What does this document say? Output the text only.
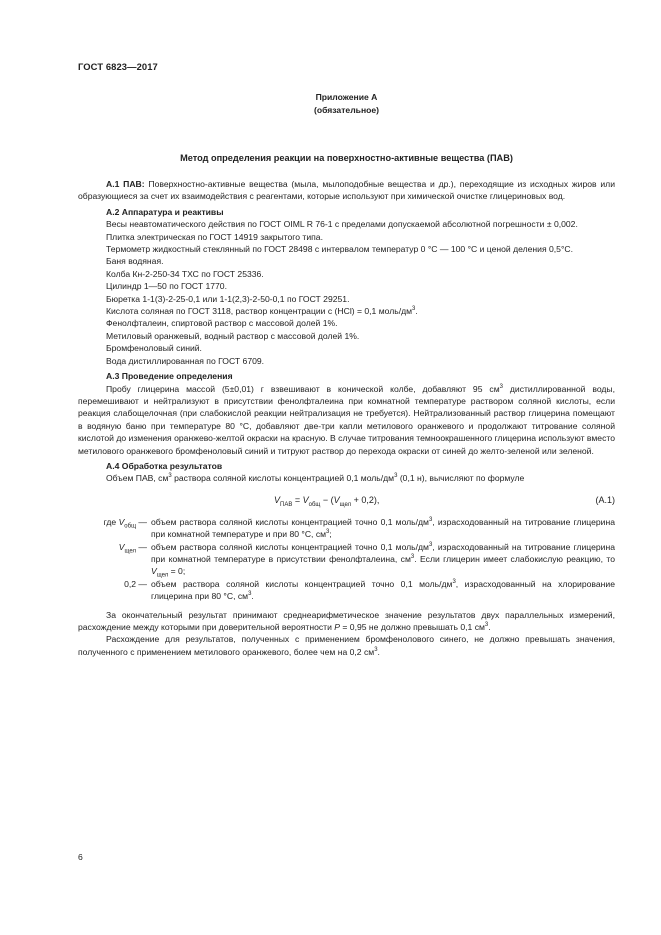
ГОСТ 6823—2017
Приложение А
(обязательное)
Метод определения реакции на поверхностно-активные вещества (ПАВ)

А.1 ПАВ: Поверхностно-активные вещества (мыла, мылоподобные вещества и др.), переходящие из исходных жиров или образующиеся за счет их взаимодействия с реагентами, которые используют при химической очистке глицериновых вод.

А.2 Аппаратура и реактивы

Весы неавтоматического действия по ГОСТ OIML R 76-1 с пределами допускаемой абсолютной погрешности ± 0,002.

Плитка электрическая по ГОСТ 14919 закрытого типа.

Термометр жидкостный стеклянный по ГОСТ 28498 с интервалом температур 0 °С — 100 °С и ценой деления 0,5°С.

Баня водяная.

Колба Кн-2-250-34 ТХС по ГОСТ 25336.

Цилиндр 1—50 по ГОСТ 1770.

Бюретка 1-1(3)-2-25-0,1 или 1-1(2,3)-2-50-0,1 по ГОСТ 29251.

Кислота соляная по ГОСТ 3118, раствор концентрации с (HCl) = 0,1 моль/$дм^3$.

Фенолфталеин, спиртовой раствор с массовой долей 1%.

Метиловый оранжевый, водный раствор с массовой долей 1%.

Бромфеноловый синий.

Вода дистиллированная по ГОСТ 6709.

А.3 Проведение определения

Пробу глицерина массой (5±0,01) г взвешивают в конической колбе, добавляют 95 $см^3$ дистиллированной воды, перемешивают и нейтрализуют в присутствии фенолфталеина при комнатной температуре раствором соляной кислоты, если реакция слабощелочная (при слабокислой реакции нейтрализация не требуется). Нейтрализованный раствор глицерина помещают в водяную баню при температуре 80 °С, добавляют две-три капли метилового оранжевого и продолжают титрование соляной кислотой до изменения оранжево-желтой окраски на красную. В случае титрования темноокрашенного глицерина используют вместо метилового оранжевого бромфеноловый синий и титруют раствор до перехода окраски от синей до желто-зеленой или зеленой.

А.4 Обработка результатов

Объем ПАВ, $см^3$ раствора соляной кислоты концентрацией 0,1 моль/$дм^3$ (0,1 н), вычисляют по формуле

$V_{ПАВ} = V_{общ} - (V_{щел} + 0,2)$,	(А.1)
где $V_{общ}$ — объем раствора соляной кислоты концентрацией точно 0,1 моль/$дм^3$, израсходованный на титрование глицерина при комнатной температуре и при 80 °С, $см^3$;
$V_{щел}$ — объем раствора соляной кислоты концентрацией точно 0,1 моль/$дм^3$, израсходованный на титрование глицерина при комнатной температуре в присутствии фенолфталеина, $см^3$. Если глицерин имеет слабокислую реакцию, то $V_{щел} = 0$;
0,2 — объем раствора соляной кислоты концентрацией точно 0,1 моль/$дм^3$, израсходованный на хлорирование глицерина при 80 °С, $см^3$.

За окончательный результат принимают среднеарифметическое значение результатов двух параллельных измерений, расхождение между которыми при доверительной вероятности Р = 0,95 не должно превышать 0,1 $см^3$.

Расхождение для результатов, полученных с применением бромфенолового синего, не должно превышать значения, полученного с применением метилового оранжевого, более чем на 0,2 $см^3$.

6
